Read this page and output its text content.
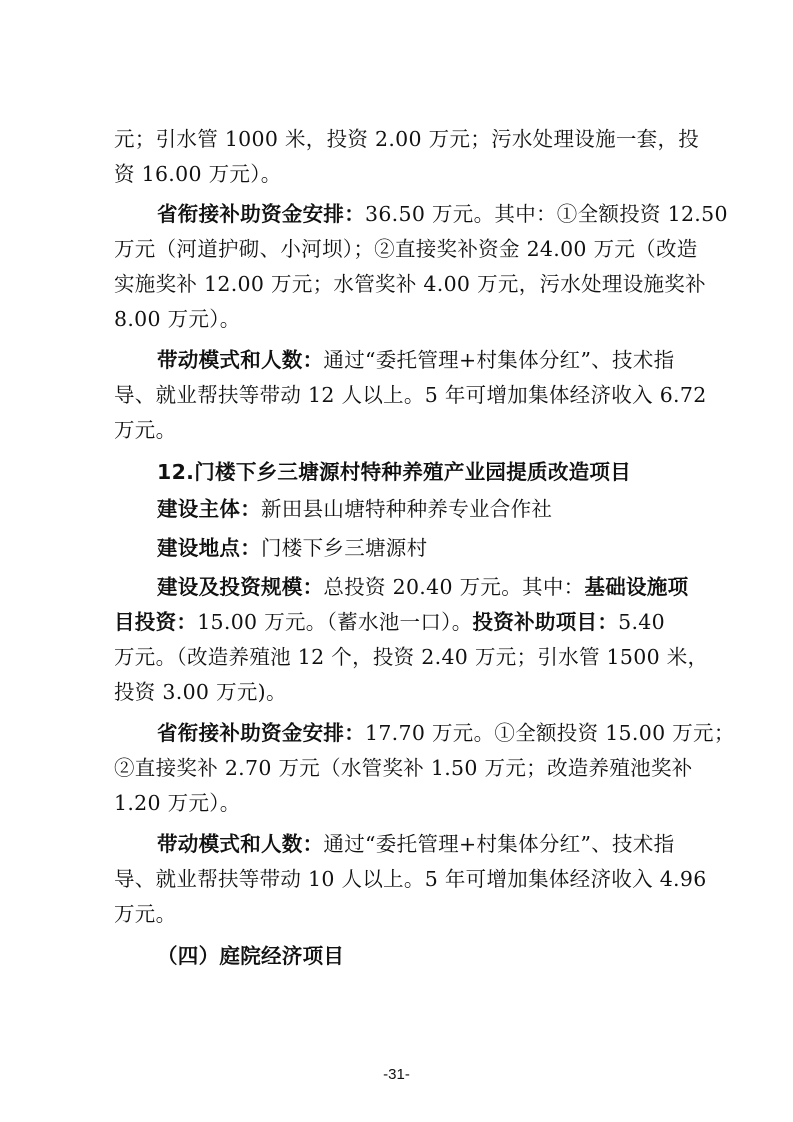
元；引水管 1000 米，投资 2.00 万元；污水处理设施一套，投
资 16.00 万元）。
省衔接补助资金安排：36.50 万元。其中：①全额投资 12.50
万元（河道护砌、小河坝）；②直接奖补资金 24.00 万元（改造
实施奖补 12.00 万元；水管奖补 4.00 万元，污水处理设施奖补
8.00 万元）。
带动模式和人数：通过“委托管理+村集体分红”、技术指
导、就业帮扶等带动 12 人以上。5 年可增加集体经济收入 6.72
万元。
12.门楼下乡三塘源村特种养殖产业园提质改造项目
建设主体：新田县山塘特种种养专业合作社
建设地点：门楼下乡三塘源村
建设及投资规模：总投资 20.40 万元。其中：基础设施项
目投资：15.00 万元。（蓄水池一口）。投资补助项目：5.40
万元。（改造养殖池 12 个，投资 2.40 万元；引水管 1500 米，
投资 3.00 万元)。
省衔接补助资金安排：17.70 万元。①全额投资 15.00 万元；
②直接奖补 2.70 万元（水管奖补 1.50 万元；改造养殖池奖补
1.20 万元）。
带动模式和人数：通过“委托管理+村集体分红”、技术指
导、就业帮扶等带动 10 人以上。5 年可增加集体经济收入 4.96
万元。
（四）庭院经济项目
-31-
